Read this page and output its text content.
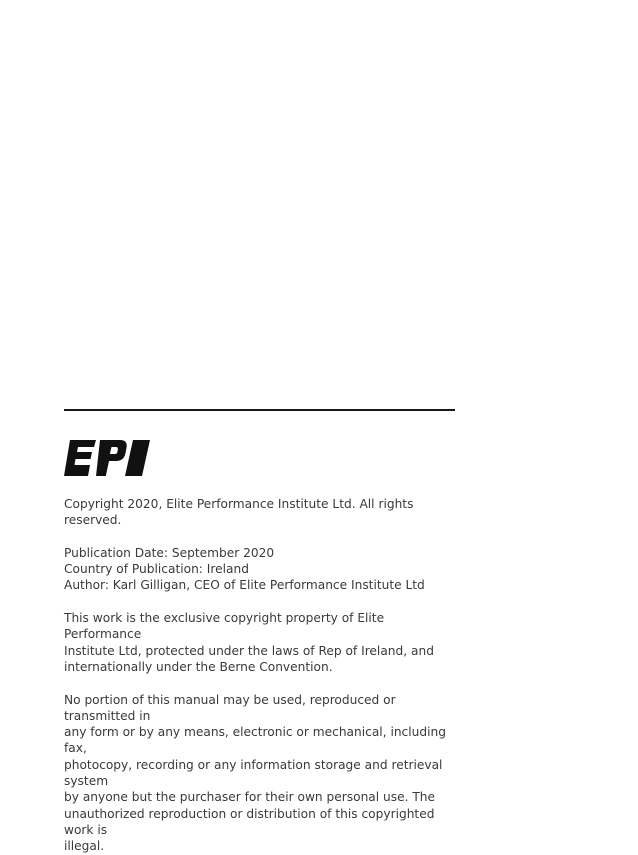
Copyright 2020, Elite Performance Institute Ltd. All rights reserved.

Publication Date: September 2020

Country of Publication: Ireland

Author: Karl Gilligan, CEO of Elite Performance Institute Ltd

This work is the exclusive copyright property of Elite Performance

Institute Ltd, protected under the laws of Rep of Ireland, and

internationally under the Berne Convention.

No portion of this manual may be used, reproduced or transmitted in

any form or by any means, electronic or mechanical, including fax,

photocopy, recording or any information storage and retrieval system

by anyone but the purchaser for their own personal use. The

unauthorized reproduction or distribution of this copyrighted work is

illegal.
